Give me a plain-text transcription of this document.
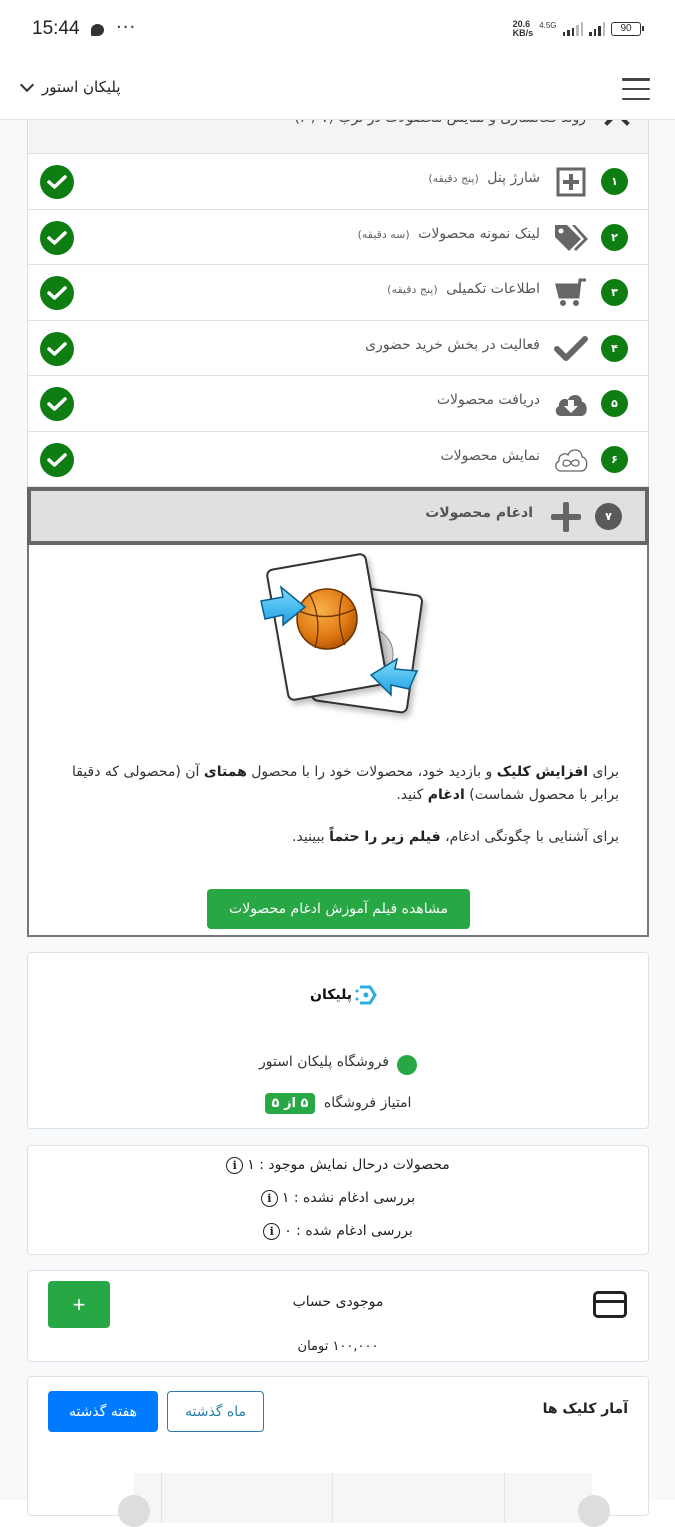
15:44 ···	20.6
KB/s
4.5G	90
پلیکان استور
۱
شارژ پنل (پنج دقیقه)
۲
لینک نمونه محصولات (سه دقیقه)
۳
اطلاعات تکمیلی (پنج دقیقه)
۴
فعالیت در بخش خرید حضوری
۵
دریافت محصولات
۶
نمایش محصولات
۷
ادغام محصولات

برای افزایش کلیک و بازدید خود، محصولات خود را با محصول همتای آن (محصولی که دقیقا برابر با محصول شماست) ادغام کنید.

برای آشنایی با چگونگی ادغام، فیلم زیر را حتماً ببینید.

مشاهده فیلم آموزش ادغام محصولات
پلیکان
فروشگاه پلیکان استور
امتیاز فروشگاه ۵ از ۵
محصولات درحال نمایش موجود : ۱
i
بررسی ادغام نشده : ۱
i
بررسی ادغام شده : ۰
i
موجودی حساب
۱۰۰,۰۰۰ تومان
+
آمار کلیک ها
ماه گذشته
هفته گذشته
